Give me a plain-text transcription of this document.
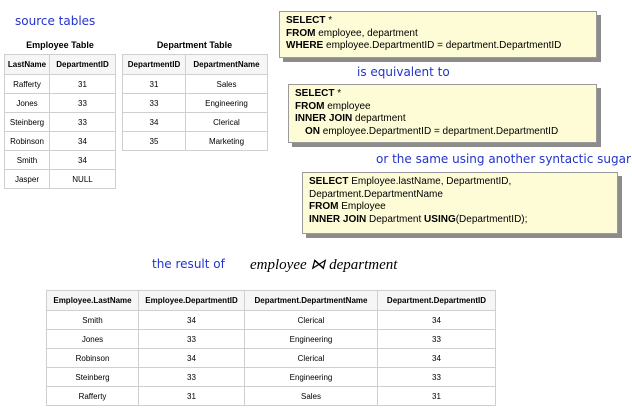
source tables
Employee Table
LastName	DepartmentID
Rafferty	31
Jones	33
Steinberg	33
Robinson	34
Smith	34
Jasper	NULL
Department Table
DepartmentID	DepartmentName
31	Sales
33	Engineering
34	Clerical
35	Marketing
SELECT *
FROM employee, department
WHERE employee.DepartmentID = department.DepartmentID
is equivalent to
SELECT *
FROM employee
INNER JOIN department
ON employee.DepartmentID = department.DepartmentID
or the same using another syntactic sugar
SELECT Employee.lastName, DepartmentID,
Department.DepartmentName
FROM Employee
INNER JOIN Department USING(DepartmentID);
the result of employee ⋈ department
Employee.LastName	Employee.DepartmentID	Department.DepartmentName	Department.DepartmentID
Smith	34	Clerical	34
Jones	33	Engineering	33
Robinson	34	Clerical	34
Steinberg	33	Engineering	33
Rafferty	31	Sales	31
